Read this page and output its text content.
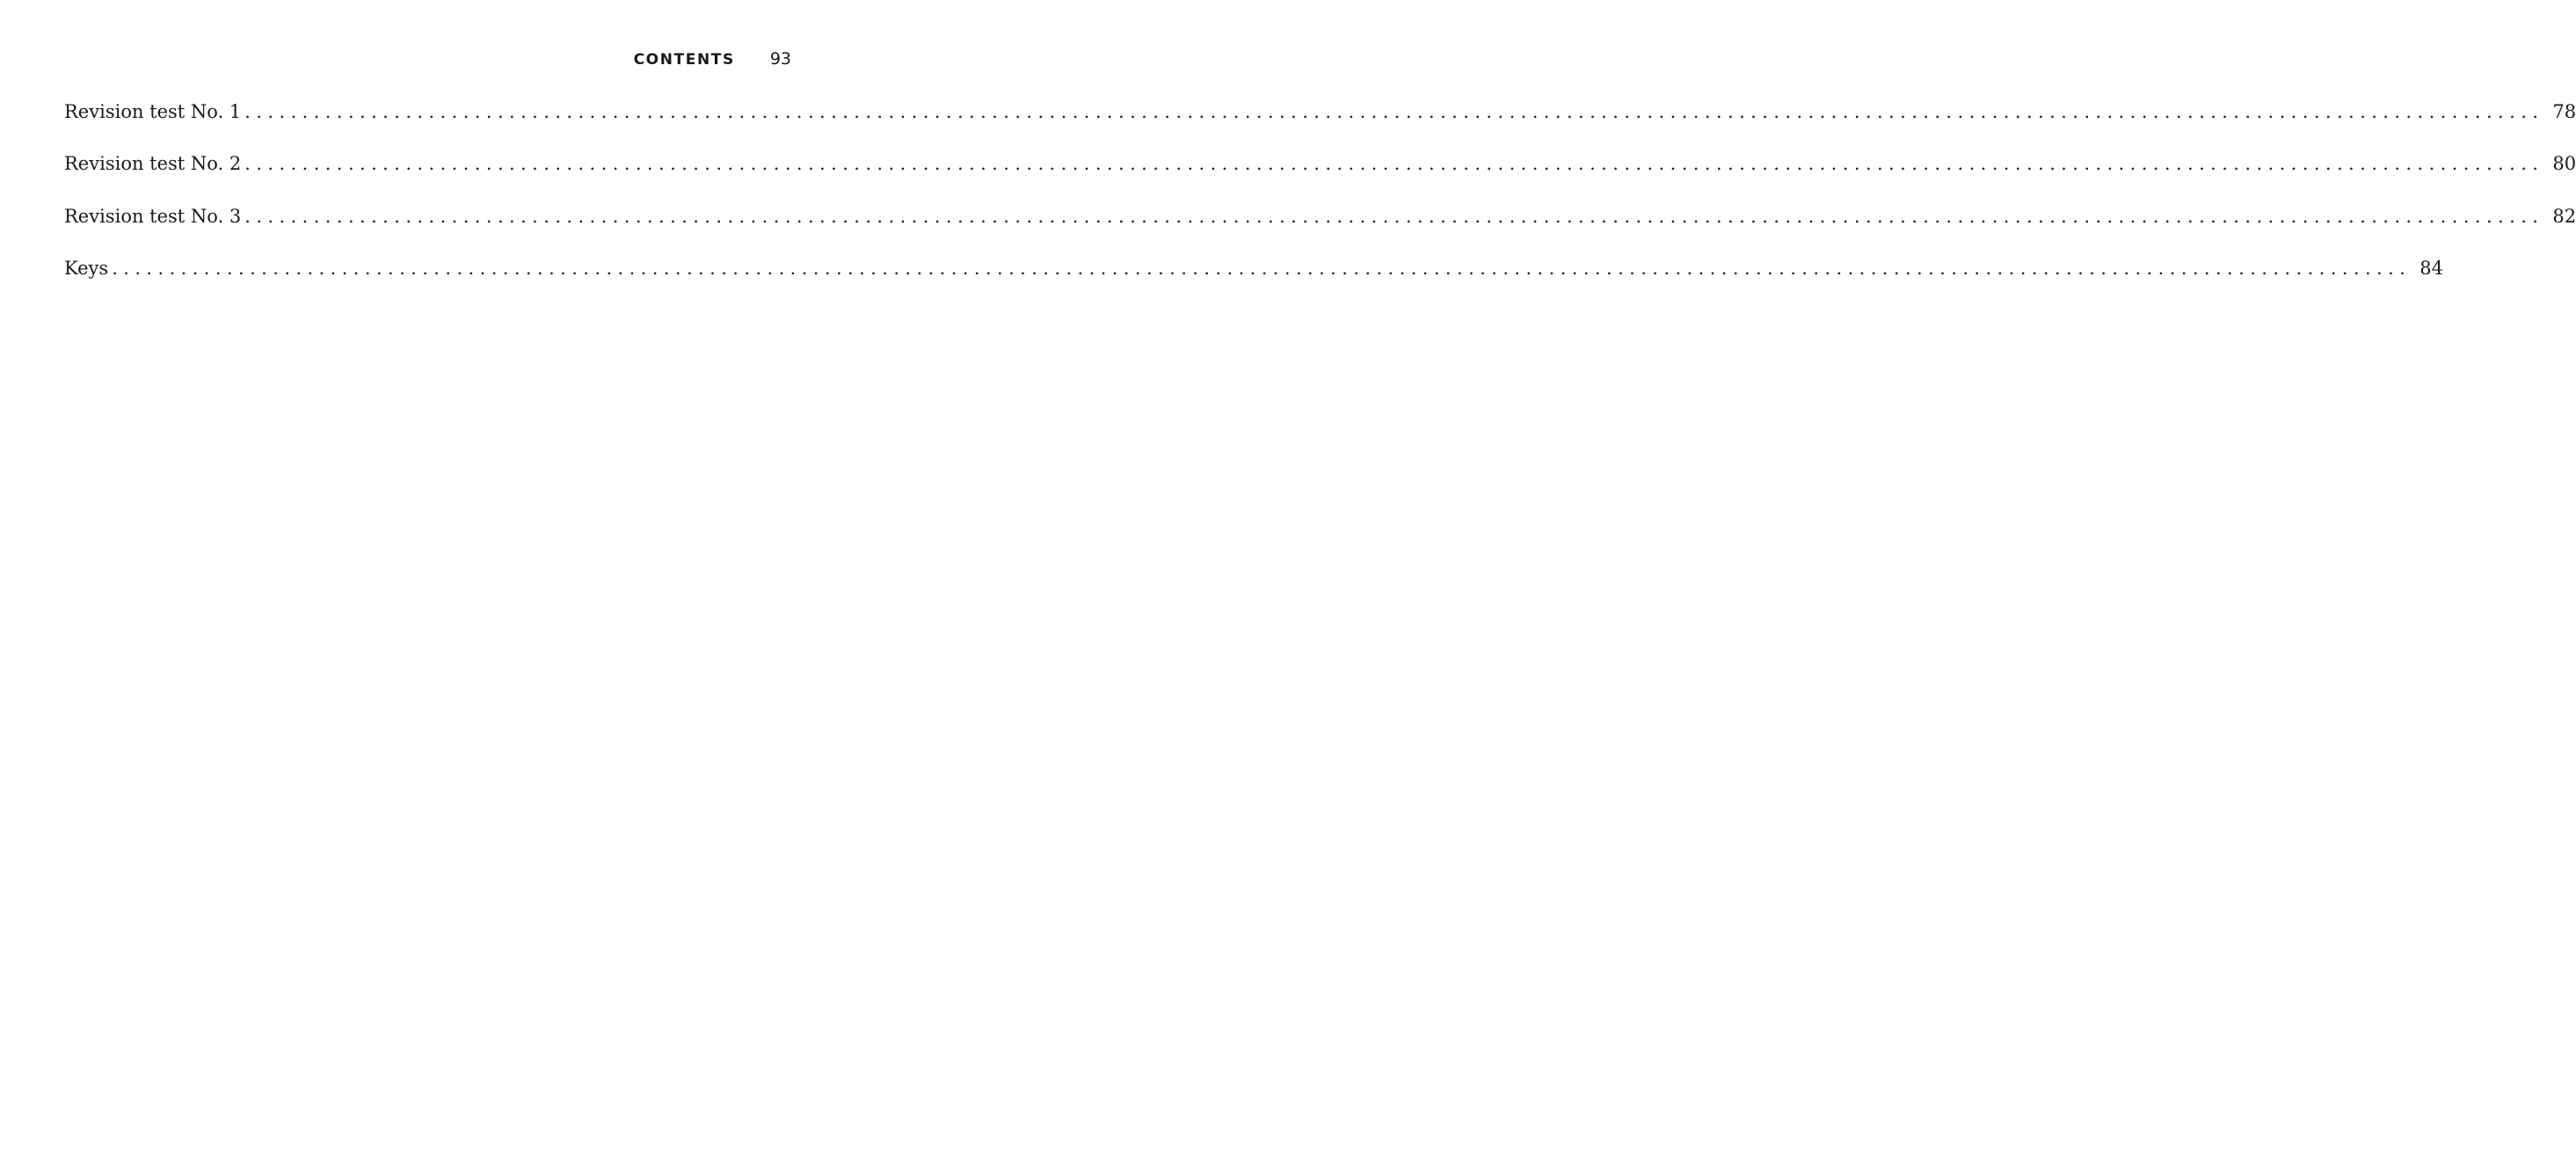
CONTENTS 93
Revision test No. 1 ........................................................................................................................................................................................................ 78
Revision test No. 2 ........................................................................................................................................................................................................ 80
Revision test No. 3 ........................................................................................................................................................................................................ 82
Keys ........................................................................................................................................................................................................ 84
